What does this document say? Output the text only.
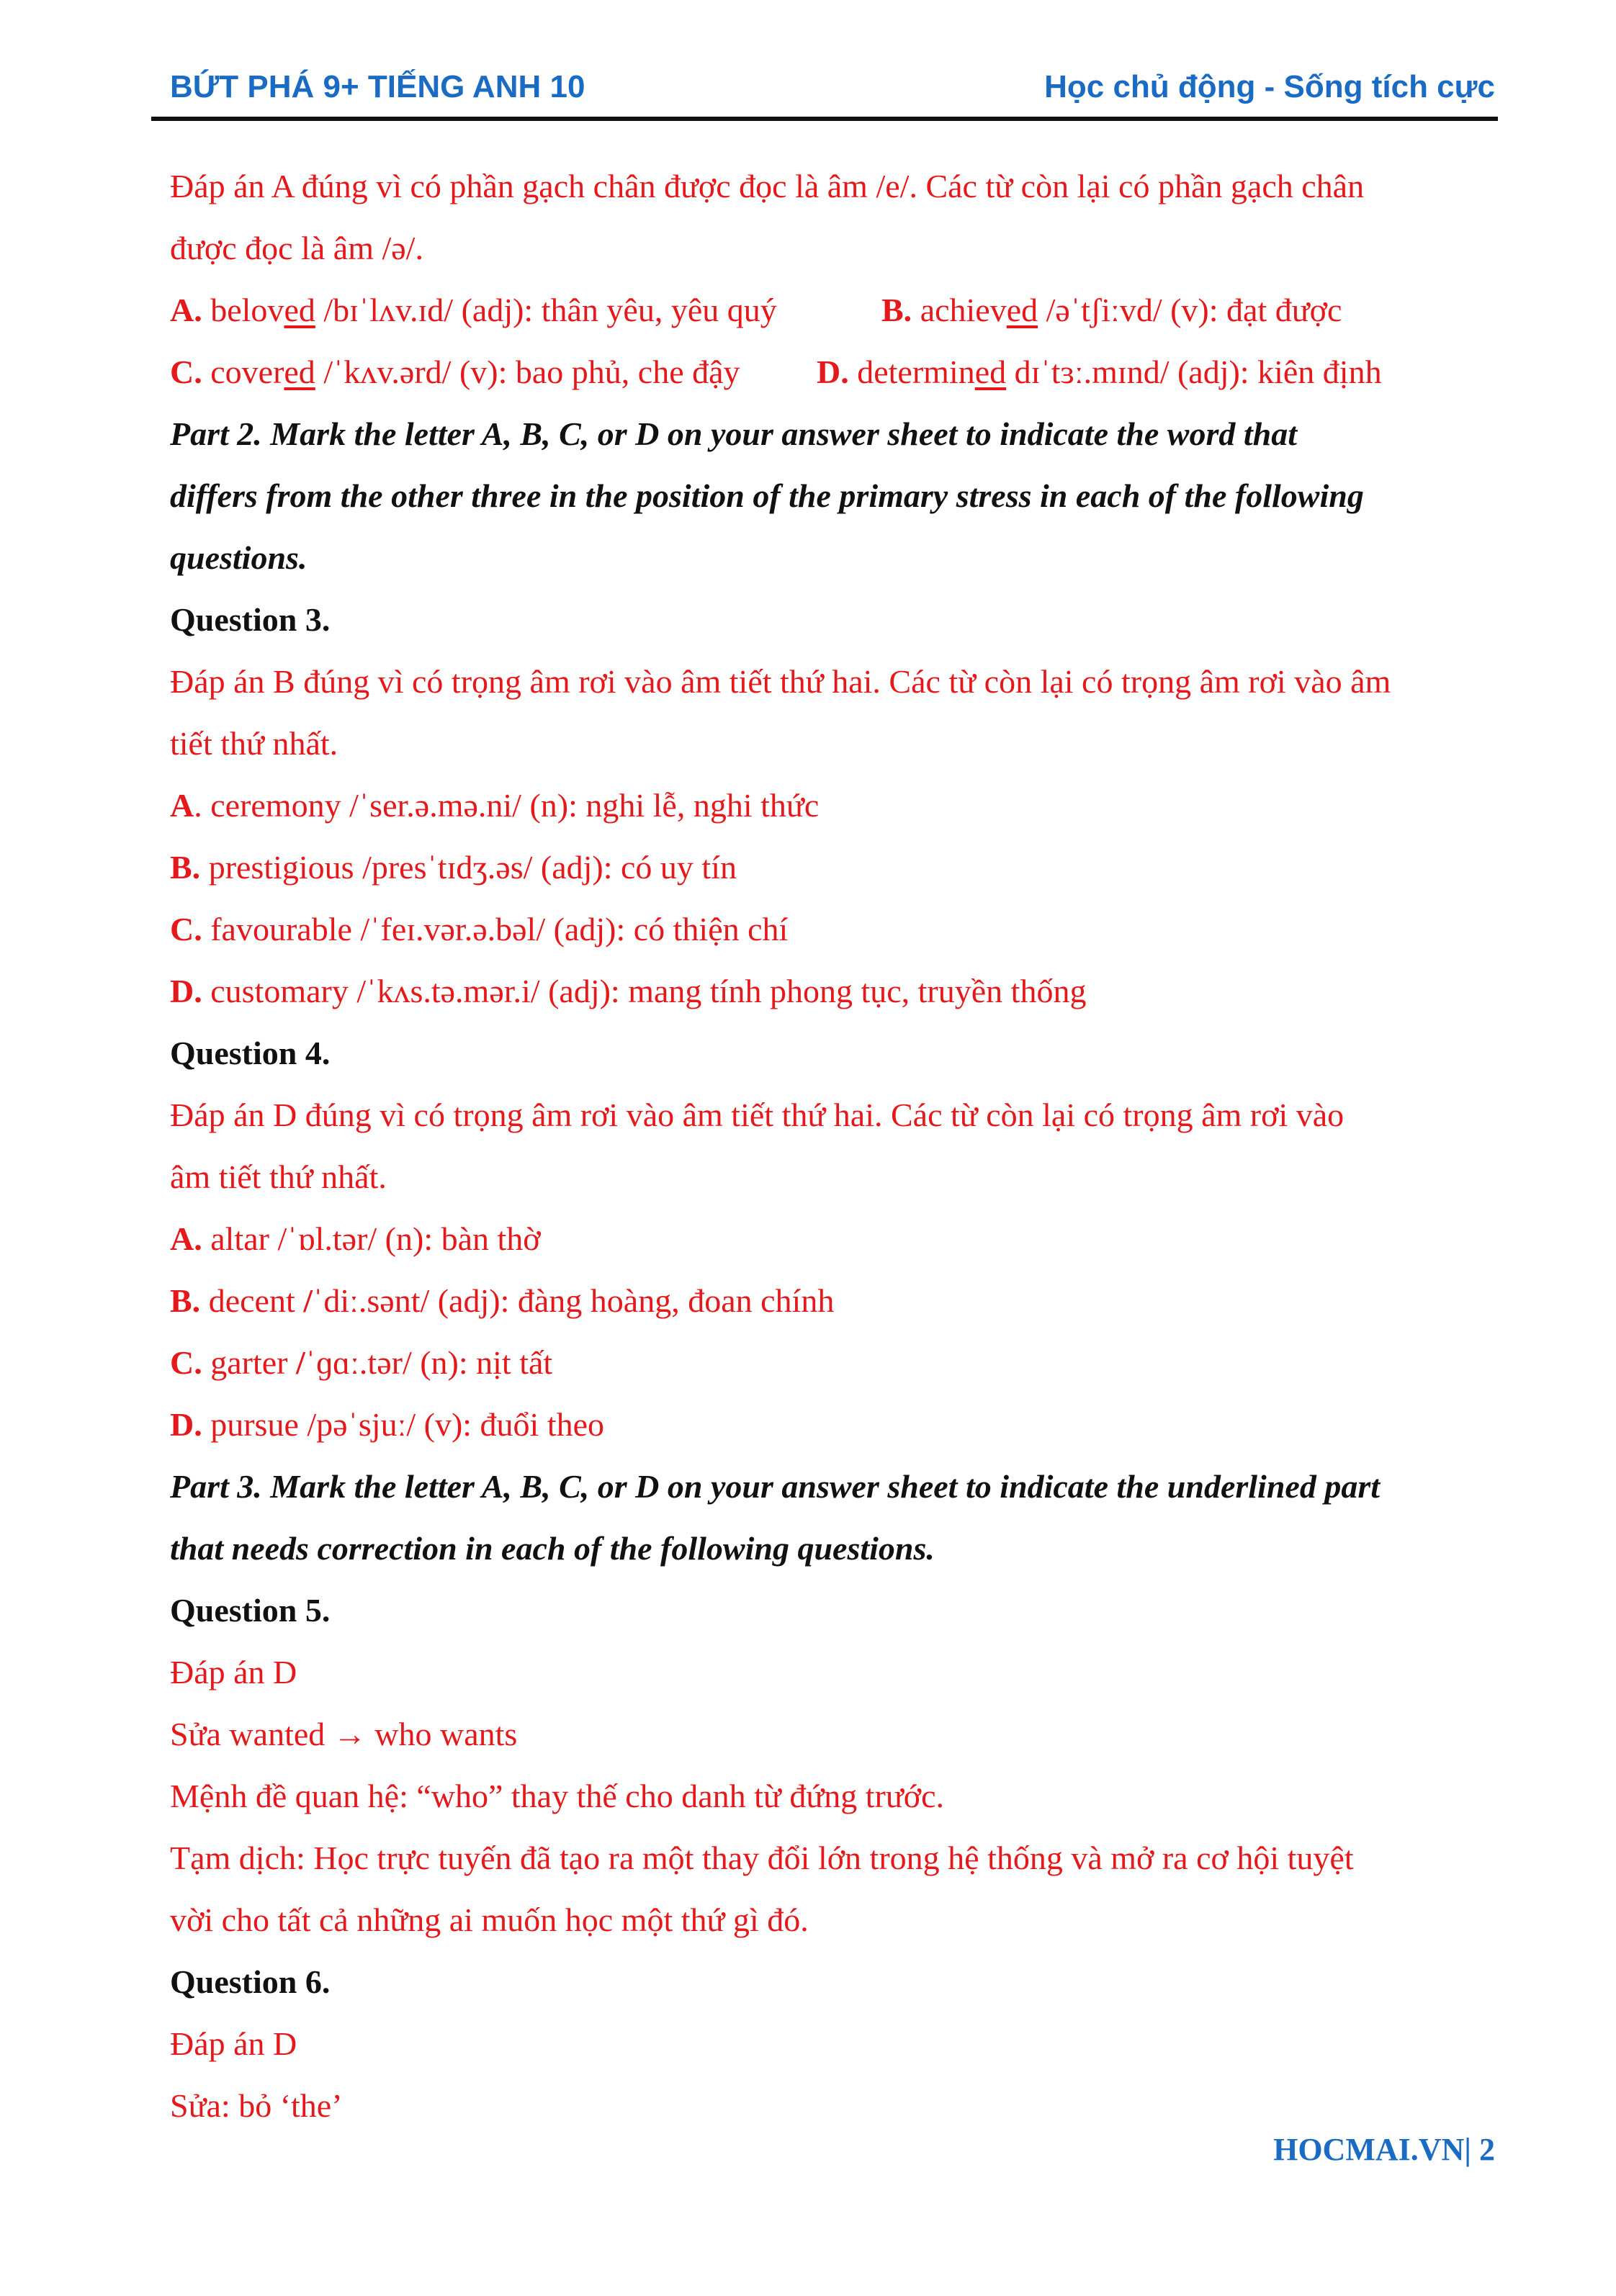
BỨT PHÁ 9+ TIẾNG ANH 10	Học chủ động - Sống tích cực
Đáp án A đúng vì có phần gạch chân được đọc là âm /e/. Các từ còn lại có phần gạch chân
được đọc là âm /ə/.
A. beloved /bɪˈlʌv.ɪd/ (adj): thân yêu, yêu quý	B. achieved /əˈtʃiːvd/ (v): đạt được
C. covered /ˈkʌv.ərd/ (v): bao phủ, che đậy D. determined dɪˈtɜː.mɪnd/ (adj): kiên định
Part 2. Mark the letter A, B, C, or D on your answer sheet to indicate the word that
differs from the other three in the position of the primary stress in each of the following
questions.
Question 3.
Đáp án B đúng vì có trọng âm rơi vào âm tiết thứ hai. Các từ còn lại có trọng âm rơi vào âm
tiết thứ nhất.
A. ceremony /ˈser.ə.mə.ni/ (n): nghi lễ, nghi thức
B. prestigious /presˈtɪdʒ.əs/ (adj): có uy tín
C. favourable /ˈfeɪ.vər.ə.bəl/ (adj): có thiện chí
D. customary /ˈkʌs.tə.mər.i/ (adj): mang tính phong tục, truyền thống
Question 4.
Đáp án D đúng vì có trọng âm rơi vào âm tiết thứ hai. Các từ còn lại có trọng âm rơi vào
âm tiết thứ nhất.
A. altar /ˈɒl.tər/ (n): bàn thờ
B. decent /ˈdiː.sənt/ (adj): đàng hoàng, đoan chính
C. garter /ˈɡɑː.tər/ (n): nịt tất
D. pursue /pəˈsjuː/ (v): đuổi theo
Part 3. Mark the letter A, B, C, or D on your answer sheet to indicate the underlined part
that needs correction in each of the following questions.
Question 5.
Đáp án D
Sửa wanted → who wants
Mệnh đề quan hệ: “who” thay thế cho danh từ đứng trước.
Tạm dịch: Học trực tuyến đã tạo ra một thay đổi lớn trong hệ thống và mở ra cơ hội tuyệt
vời cho tất cả những ai muốn học một thứ gì đó.
Question 6.
Đáp án D
Sửa: bỏ ‘the’
HOCMAI.VN| 2
